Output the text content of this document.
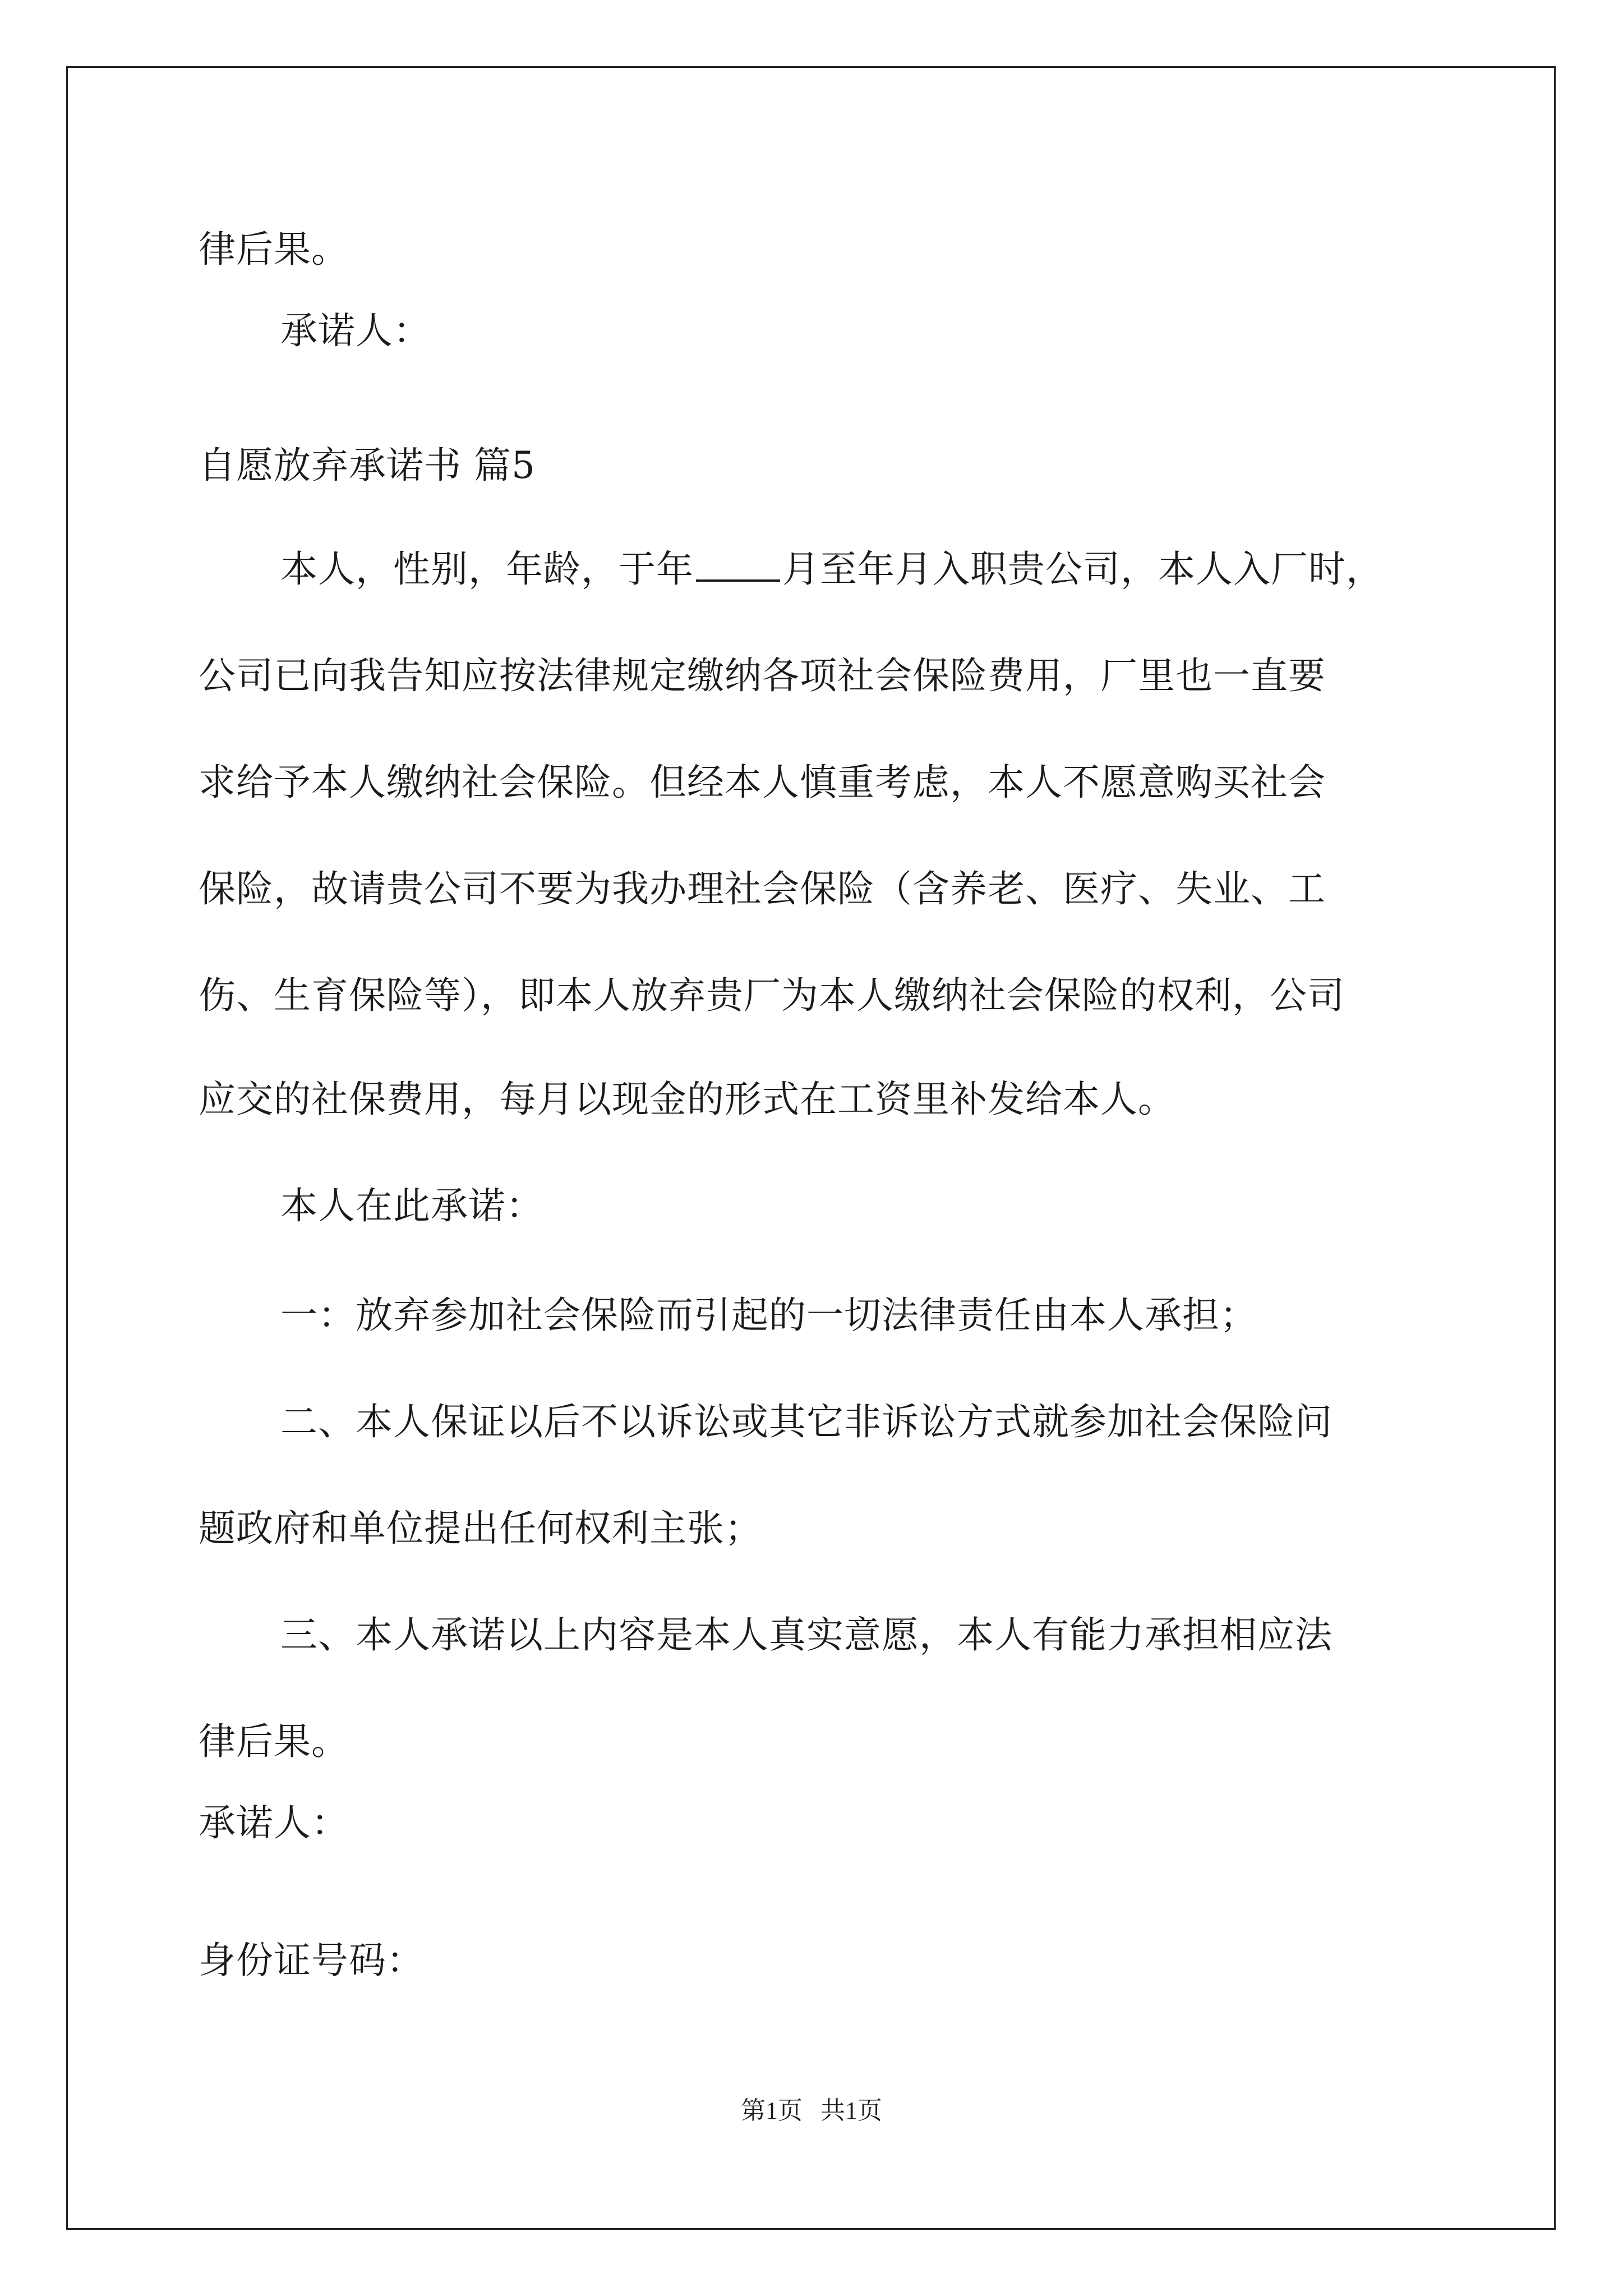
律后果。
承诺人：
自愿放弃承诺书 篇5
本人，性别，年龄，于年 月至年月入职贵公司，本人入厂时，
公司已向我告知应按法律规定缴纳各项社会保险费用，厂里也一直要
求给予本人缴纳社会保险。但经本人慎重考虑，本人不愿意购买社会
保险，故请贵公司不要为我办理社会保险（含养老、医疗、失业、工
伤、生育保险等），即本人放弃贵厂为本人缴纳社会保险的权利，公司
应交的社保费用，每月以现金的形式在工资里补发给本人。
本人在此承诺：
一：放弃参加社会保险而引起的一切法律责任由本人承担；
二、本人保证以后不以诉讼或其它非诉讼方式就参加社会保险问
题政府和单位提出任何权利主张；
三、本人承诺以上内容是本人真实意愿，本人有能力承担相应法
律后果。
承诺人：
身份证号码：
第1页 共1页
